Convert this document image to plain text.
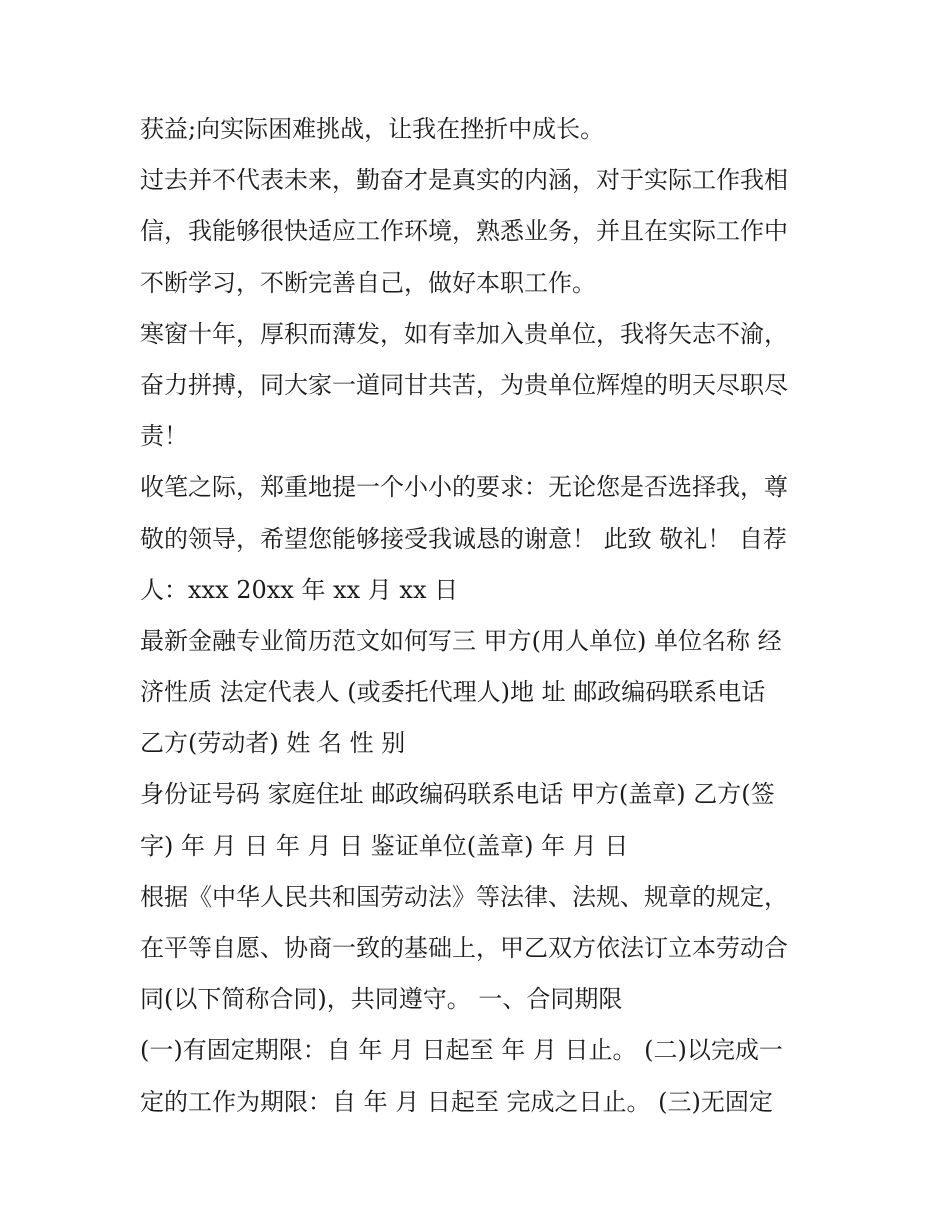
获益;向实际困难挑战，让我在挫折中成长。
过去并不代表未来，勤奋才是真实的内涵，对于实际工作我相
信，我能够很快适应工作环境，熟悉业务，并且在实际工作中
不断学习，不断完善自己，做好本职工作。
寒窗十年，厚积而薄发，如有幸加入贵单位，我将矢志不渝，
奋力拼搏，同大家一道同甘共苦，为贵单位辉煌的明天尽职尽
责！
收笔之际，郑重地提一个小小的要求：无论您是否选择我，尊
敬的领导，希望您能够接受我诚恳的谢意！ 此致 敬礼！ 自荐
人：xxx 20xx 年 xx 月 xx 日
最新金融专业简历范文如何写三 甲方(用人单位) 单位名称 经
济性质 法定代表人 (或委托代理人)地 址 邮政编码联系电话
乙方(劳动者) 姓 名 性 别
身份证号码 家庭住址 邮政编码联系电话 甲方(盖章) 乙方(签
字) 年 月 日 年 月 日 鉴证单位(盖章) 年 月 日
根据《中华人民共和国劳动法》等法律、法规、规章的规定，
在平等自愿、协商一致的基础上，甲乙双方依法订立本劳动合
同(以下简称合同)，共同遵守。 一、合同期限
(一)有固定期限：自 年 月 日起至 年 月 日止。 (二)以完成一
定的工作为期限：自 年 月 日起至 完成之日止。 (三)无固定
